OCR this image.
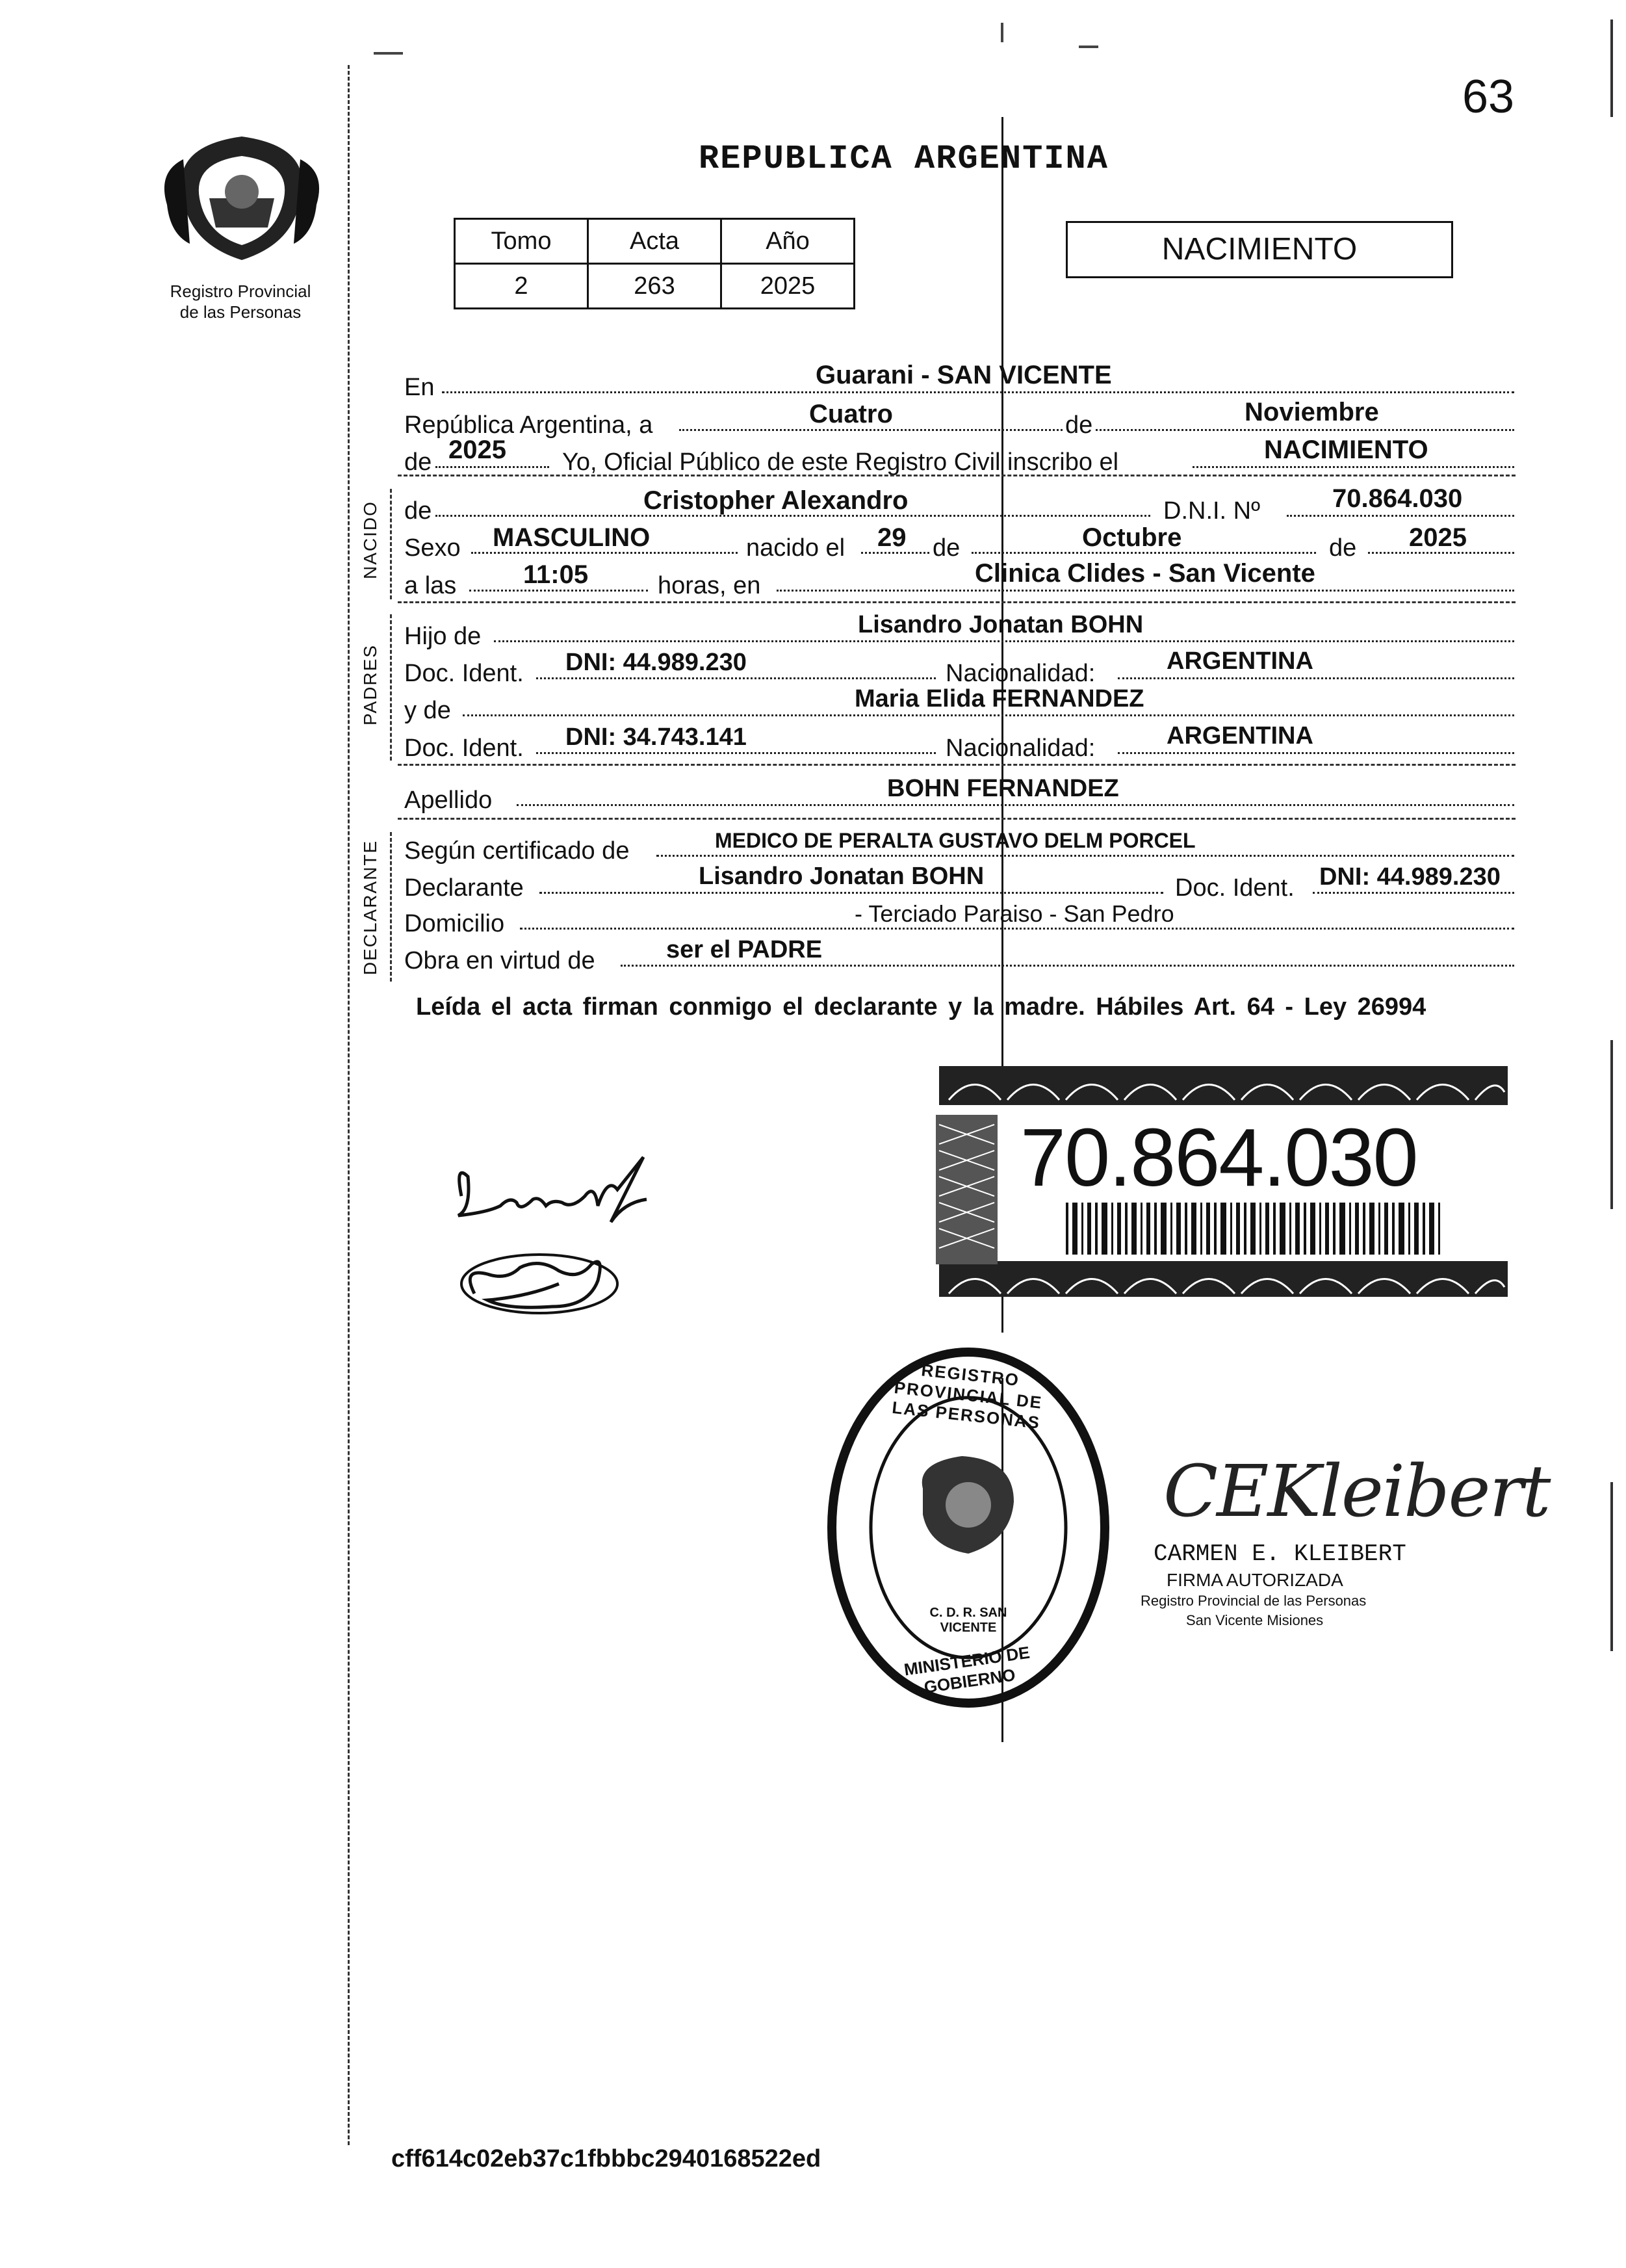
63
Registro Provincial
de las Personas
REPUBLICA ARGENTINA
Tomo	Acta	Año
2	263	2025
NACIMIENTO
En	Guarani - SAN VICENTE
República Argentina, a	Cuatro	de	Noviembre
de 2025 Yo, Oficial Público de este Registro Civil inscribo el	NACIMIENTO
NACIDO de	Cristopher Alexandro	D.N.I. Nº	70.864.030
Sexo MASCULINO	nacido el 29 de	Octubre	de 2025
a las	11:05	horas, en	Clinica Clides - San Vicente
PADRES
Hijo de	Lisandro Jonatan BOHN
Doc. Ident. DNI: 44.989.230	Nacionalidad:	ARGENTINA
y de	Maria Elida FERNANDEZ
Doc. Ident. DNI: 34.743.141	Nacionalidad:	ARGENTINA
Apellido	BOHN FERNANDEZ
DECLARANTE Según certificado de	MEDICO DE PERALTA GUSTAVO DELM PORCEL
Declarante	Lisandro Jonatan BOHN	Doc. Ident. DNI: 44.989.230
Domicilio	- Terciado Paraiso - San Pedro
Obra en virtud de	ser el PADRE
Leída el acta firman conmigo el declarante y la madre. Hábiles Art. 64 - Ley 26994
70.864.030
REGISTRO PROVINCIAL DE LAS PERSONAS
MINISTERIO DE GOBIERNO
C. D. R. SAN VICENTE
CEKleibert
CARMEN E. KLEIBERT
FIRMA AUTORIZADA
Registro Provincial de las Personas
San Vicente Misiones
cff614c02eb37c1fbbbc2940168522ed
